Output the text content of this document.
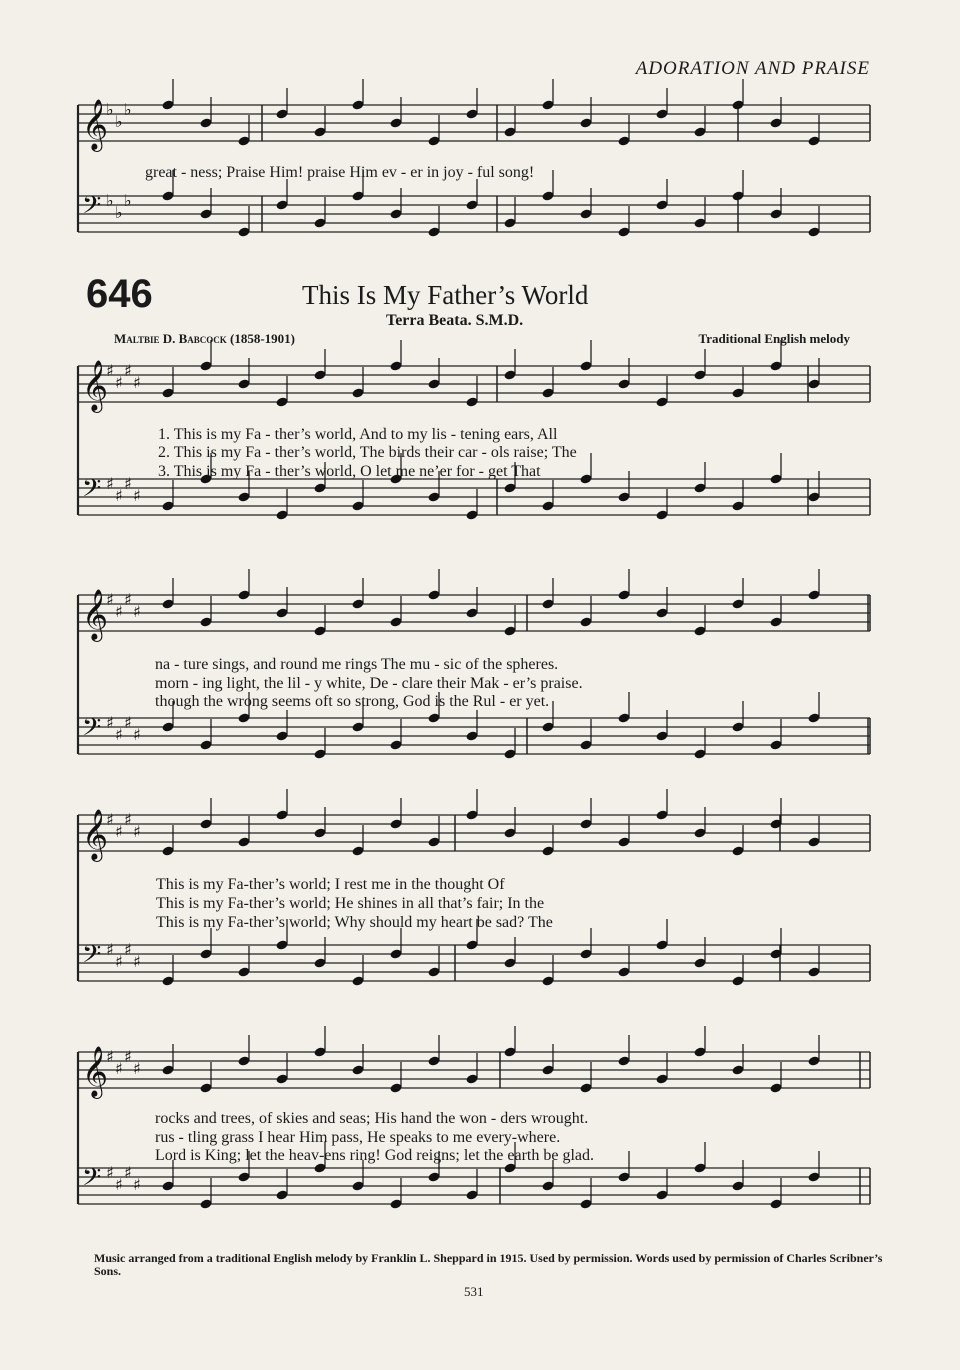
𝄞
♭
♭
♭
𝄢 ♭
♭
♭
𝄞
♯
♯
♯
♯
𝄢 ♯
♯
♯
♯
𝄞
♯
♯
♯
♯
𝄢 ♯
♯
♯
♯
𝄞
♯
♯
♯
♯
𝄢 ♯
♯
♯
♯
𝄞
♯
♯
♯
♯
𝄢 ♯
♯
♯
♯
ADORATION AND PRAISE
646	This Is My Father’s World
Terra Beata. S.M.D.
Maltbie D. Babcock (1858-1901)	Traditional English melody
great - ness; Praise Him! praise Him ev - er in joy - ful song!
1. This is my Fa - ther’s world, And to my lis - tening ears, All
2. This is my Fa - ther’s world, The birds their car - ols raise; The
3. This is my Fa - ther’s world, O let me ne’er for - get That
na - ture sings, and round me rings The mu - sic of the spheres.
morn - ing light, the lil - y white, De - clare their Mak - er’s praise.
though the wrong seems oft so strong, God is the Rul - er yet.
This is my Fa-ther’s world; I rest me in the thought Of
This is my Fa-ther’s world; He shines in all that’s fair; In the
This is my Fa-ther’s world; Why should my heart be sad? The
rocks and trees, of skies and seas; His hand the won - ders wrought.
rus - tling grass I hear Him pass, He speaks to me every-where.
Lord is King; let the heav-ens ring! God reigns; let the earth be glad.
Music arranged from a traditional English melody by Franklin L. Sheppard in 1915. Used by permission. Words used by permission of Charles Scribner’s Sons.
531
